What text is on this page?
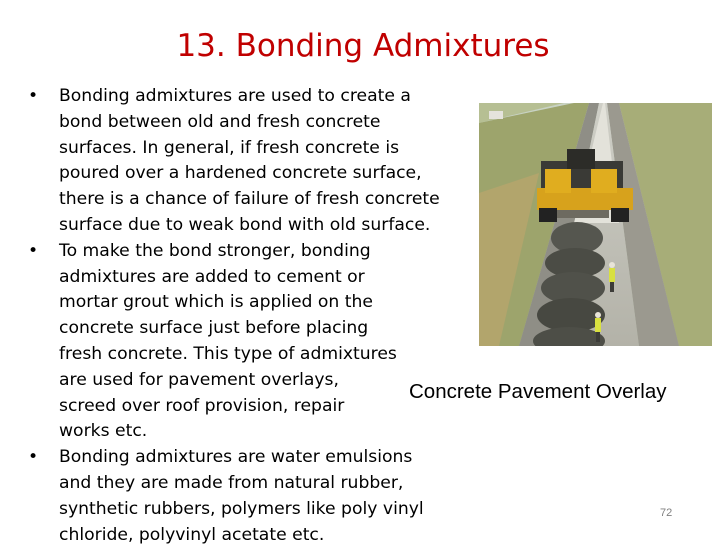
13. Bonding Admixtures
• Bonding admixtures are used to create a bond between old and fresh concrete surfaces. In general, if fresh concrete is poured over a hardened concrete surface, there is a chance of failure of fresh concrete surface due to weak bond with old surface.
• To make the bond stronger, bonding admixtures are added to cement or mortar grout which is applied on the concrete surface just before placing fresh concrete. This type of admixtures are used for pavement overlays, screed over roof provision, repair works etc.
• Bonding admixtures are water emulsions and they are made from natural rubber, synthetic rubbers, polymers like poly vinyl chloride, polyvinyl acetate etc.
Concrete Pavement Overlay
72
